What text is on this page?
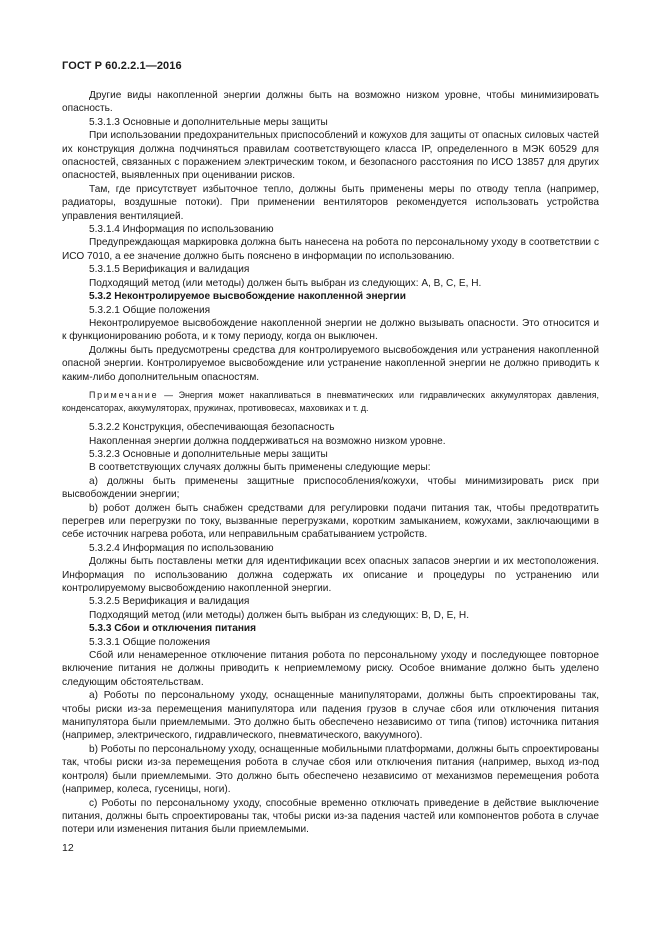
ГОСТ Р 60.2.2.1—2016

Другие виды накопленной энергии должны быть на возможно низком уровне, чтобы минимизировать опасность.

5.3.1.3 Основные и дополнительные меры защиты

При использовании предохранительных приспособлений и кожухов для защиты от опасных силовых частей их конструкция должна подчиняться правилам соответствующего класса IP, определенного в МЭК 60529 для опасностей, связанных с поражением электрическим током, и безопасного расстояния по ИСО 13857 для других опасностей, выявленных при оценивании рисков.

Там, где присутствует избыточное тепло, должны быть применены меры по отводу тепла (например, радиаторы, воздушные потоки). При применении вентиляторов рекомендуется использовать устройства управления вентиляцией.

5.3.1.4 Информация по использованию

Предупреждающая маркировка должна быть нанесена на робота по персональному уходу в соответствии с ИСО 7010, а ее значение должно быть пояснено в информации по использованию.

5.3.1.5 Верификация и валидация

Подходящий метод (или методы) должен быть выбран из следующих: A, B, C, E, H.

5.3.2 Неконтролируемое высвобождение накопленной энергии

5.3.2.1 Общие положения

Неконтролируемое высвобождение накопленной энергии не должно вызывать опасности. Это относится и к функционированию робота, и к тому периоду, когда он выключен.

Должны быть предусмотрены средства для контролируемого высвобождения или устранения накопленной опасной энергии. Контролируемое высвобождение или устранение накопленной энергии не должно приводить к каким-либо дополнительным опасностям.

Примечание — Энергия может накапливаться в пневматических или гидравлических аккумуляторах давления, конденсаторах, аккумуляторах, пружинах, противовесах, маховиках и т. д.

5.3.2.2 Конструкция, обеспечивающая безопасность

Накопленная энергии должна поддерживаться на возможно низком уровне.

5.3.2.3 Основные и дополнительные меры защиты

В соответствующих случаях должны быть применены следующие меры:

a) должны быть применены защитные приспособления/кожухи, чтобы минимизировать риск при высвобождении энергии;

b) робот должен быть снабжен средствами для регулировки подачи питания так, чтобы предотвратить перегрев или перегрузки по току, вызванные перегрузками, коротким замыканием, кожухами, заключающими в себе источник нагрева робота, или неправильным срабатыванием устройств.

5.3.2.4 Информация по использованию

Должны быть поставлены метки для идентификации всех опасных запасов энергии и их местоположения. Информация по использованию должна содержать их описание и процедуры по устранению или контролируемому высвобождению накопленной энергии.

5.3.2.5 Верификация и валидация

Подходящий метод (или методы) должен быть выбран из следующих: B, D, E, H.

5.3.3 Сбои и отключения питания

5.3.3.1 Общие положения

Сбой или ненамеренное отключение питания робота по персональному уходу и последующее повторное включение питания не должны приводить к неприемлемому риску. Особое внимание должно быть уделено следующим обстоятельствам.

a) Роботы по персональному уходу, оснащенные манипуляторами, должны быть спроектированы так, чтобы риски из-за перемещения манипулятора или падения грузов в случае сбоя или отключения питания манипулятора были приемлемыми. Это должно быть обеспечено независимо от типа (типов) источника питания (например, электрического, гидравлического, пневматического, вакуумного).

b) Роботы по персональному уходу, оснащенные мобильными платформами, должны быть спроектированы так, чтобы риски из-за перемещения робота в случае сбоя или отключения питания (например, выход из-под контроля) были приемлемыми. Это должно быть обеспечено независимо от механизмов перемещения робота (например, колеса, гусеницы, ноги).

c) Роботы по персональному уходу, способные временно отключать приведение в действие выключение питания, должны быть спроектированы так, чтобы риски из-за падения частей или компонентов робота в случае потери или изменения питания были приемлемыми.

12
